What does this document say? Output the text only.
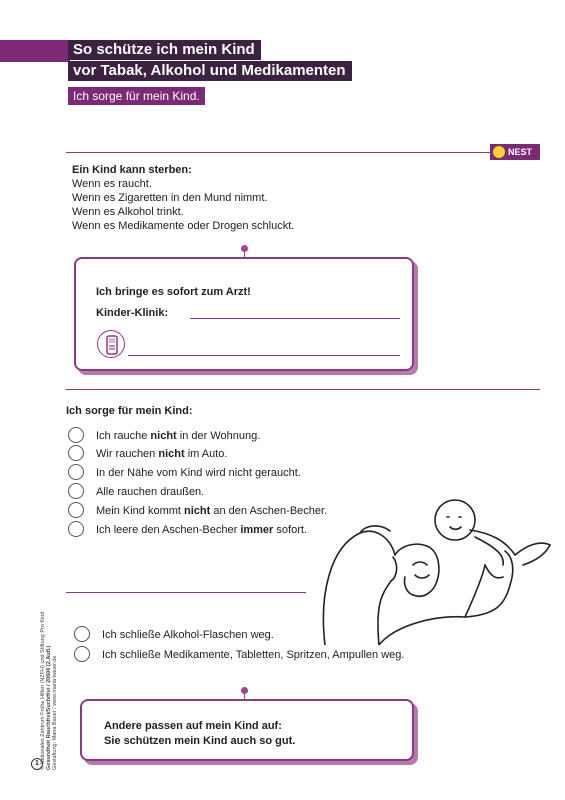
So schütze ich mein Kind
vor Tabak, Alkohol und Medikamenten
Ich sorge für mein Kind.
NEST
Ein Kind kann sterben:
Wenn es raucht.
Wenn es Zigaretten in den Mund nimmt.
Wenn es Alkohol trinkt.
Wenn es Medikamente oder Drogen schluckt.
Ich bringe es sofort zum Arzt!
Kinder-Klinik:
Ich sorge für mein Kind:
Ich rauche nicht in der Wohnung.
Wir rauchen nicht im Auto.
In der Nähe vom Kind wird nicht geraucht.
Alle rauchen draußen.
Mein Kind kommt nicht an den Aschen-Becher.
Ich leere den Aschen-Becher immer sofort.
Ich schließe Alkohol-Flaschen weg.
Ich schließe Medikamente, Tabletten, Spritzen, Ampullen weg.
Andere passen auf mein Kind auf:
Sie schützen mein Kind auch so gut.
1 © Nationales Zentrum Frühe Hilfen (NZFH) und Stiftung Pro Kind Gesundheit Rauchfrei/Suchtfrei / 20606 (2.Aufl.) Gestaltung: Maria Bauer / www.maria-bauer.de
